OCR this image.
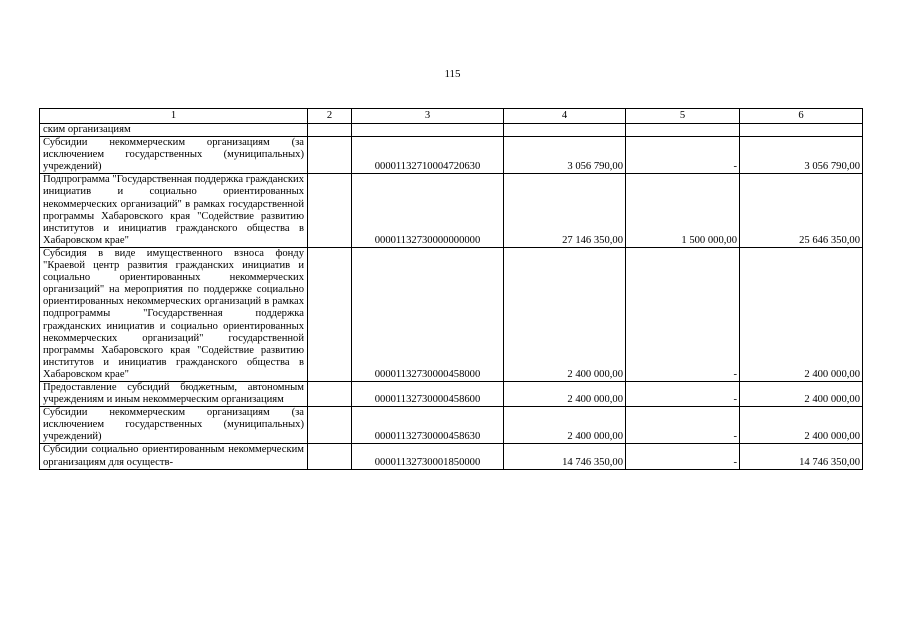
115
1	2	3	4	5	6
ским организациям					
Субсидии некоммерческим организациям (за исключением государственных (муниципальных) учреждений)		00001132710004720630	3 056 790,00	-	3 056 790,00
Подпрограмма "Государственная поддержка гражданских инициатив и социально ориентированных некоммерческих организаций" в рамках государственной программы Хабаровского края "Содействие развитию институтов и инициатив гражданского общества в Хабаровском крае"		00001132730000000000	27 146 350,00	1 500 000,00	25 646 350,00
Субсидия в виде имущественного взноса фонду "Краевой центр развития гражданских инициатив и социально ориентированных некоммерческих организаций" на мероприятия по поддержке социально ориентированных некоммерческих организаций в рамках подпрограммы "Государственная поддержка гражданских инициатив и социально ориентированных некоммерческих организаций" государственной программы Хабаровского края "Содействие развитию институтов и инициатив гражданского общества в Хабаровском крае"		00001132730000458000	2 400 000,00	-	2 400 000,00
Предоставление субсидий бюджетным, автономным учреждениям и иным некоммерческим организациям		00001132730000458600	2 400 000,00	-	2 400 000,00
Субсидии некоммерческим организациям (за исключением государственных (муниципальных) учреждений)		00001132730000458630	2 400 000,00	-	2 400 000,00
Субсидии социально ориентированным некоммерческим организациям для осуществ-		00001132730001850000	14 746 350,00	-	14 746 350,00
